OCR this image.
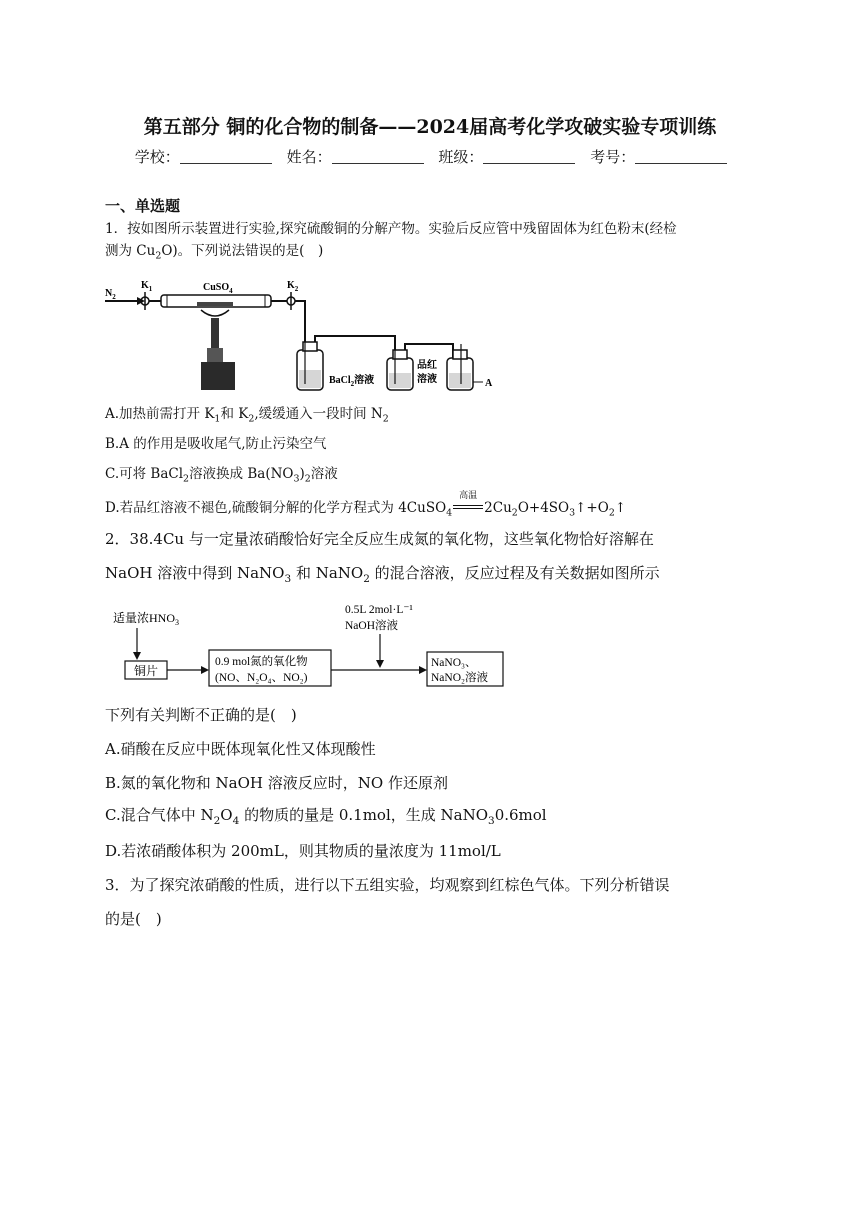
第五部分 铜的化合物的制备——2024届高考化学攻破实验专项训练
学校：	姓名：	班级：	考号：
一、单选题
1．按如图所示装置进行实验,探究硫酸铜的分解产物。实验后反应管中残留固体为红色粉末(经检
测为 $Cu_2O$)。下列说法错误的是(　)
$N_2$
$K_1$	CuSO$_4$	$K_2$
BaCl$_2$溶液
品红
溶液	A
A.加热前需打开 $K_1$和 $K_2$,缓缓通入一段时间 $N_2$
B.A 的作用是吸收尾气,防止污染空气
C.可将 BaCl$_2$溶液换成 $Ba(NO_3)_2$溶液
D.若品红溶液不褪色,硫酸铜分解的化学方程式为 4CuSO$_4$
高温
$2Cu_2O+4SO_3↑+O_2↑$
2．38.4Cu 与一定量浓硝酸恰好完全反应生成氮的氧化物，这些氧化物恰好溶解在
NaOH 溶液中得到 NaNO$_3$ 和 NaNO$_2$ 的混合溶液，反应过程及有关数据如图所示
适量浓$HNO_3$
铜片
0.9 mol氮的氧化物
(NO、N₂O₄、NO₂)
0.5L 2mol·L⁻¹
NaOH溶液
NaNO₃、
NaNO₂溶液
下列有关判断不正确的是(　)
A.硝酸在反应中既体现氧化性又体现酸性
B.氮的氧化物和 NaOH 溶液反应时，NO 作还原剂
C.混合气体中 $N_2O_4$ 的物质的量是 0.1mol，生成 NaNO$_3$0.6mol
D.若浓硝酸体积为 200mL，则其物质的量浓度为 11mol/L
3．为了探究浓硝酸的性质，进行以下五组实验，均观察到红棕色气体。下列分析错误
的是(　)
